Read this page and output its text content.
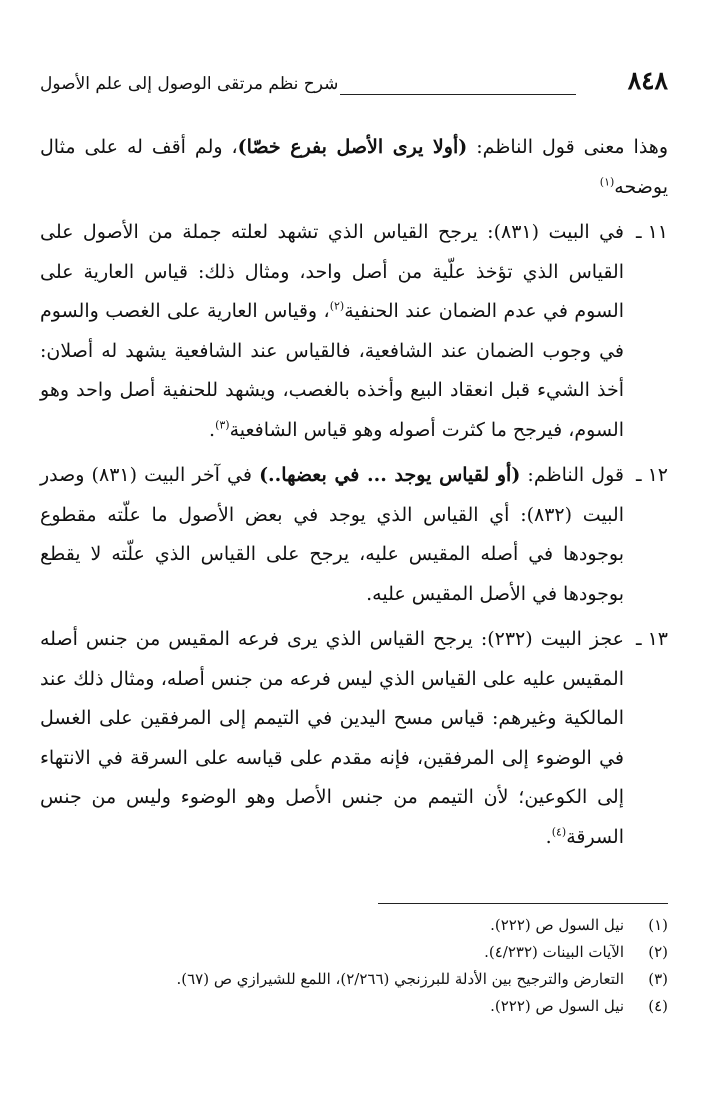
٨٤٨
شرح نظم مرتقى الوصول إلى علم الأصول

وهذا معنى قول الناظم: (أولا يرى الأصل بفرع خصّا)، ولم أقف له على مثال يوضحه$^{(١)}$

١١ ـ
في البيت (٨٣١): يرجح القياس الذي تشهد لعلته جملة من الأصول على القياس الذي تؤخذ علّية من أصل واحد، ومثال ذلك: قياس العارية على السوم في عدم الضمان عند الحنفية$^{(٢)}$، وقياس العارية على الغصب والسوم في وجوب الضمان عند الشافعية، فالقياس عند الشافعية يشهد له أصلان: أخذ الشيء قبل انعقاد البيع وأخذه بالغصب، ويشهد للحنفية أصل واحد وهو السوم، فيرجح ما كثرت أصوله وهو قياس الشافعية$^{(٣)}$.
١٢ ـ
قول الناظم: (أو لقياس يوجد ... في بعضها..) في آخر البيت (٨٣١) وصدر البيت (٨٣٢): أي القياس الذي يوجد في بعض الأصول ما علّته مقطوع بوجودها في أصله المقيس عليه، يرجح على القياس الذي علّته لا يقطع بوجودها في الأصل المقيس عليه.
١٣ ـ
عجز البيت (٢٣٢): يرجح القياس الذي يرى فرعه المقيس من جنس أصله المقيس عليه على القياس الذي ليس فرعه من جنس أصله، ومثال ذلك عند المالكية وغيرهم: قياس مسح اليدين في التيمم إلى المرفقين على الغسل في الوضوء إلى المرفقين، فإنه مقدم على قياسه على السرقة في الانتهاء إلى الكوعين؛ لأن التيمم من جنس الأصل وهو الوضوء وليس من جنس السرقة$^{(٤)}$.
(١)
نيل السول ص (٢٢٢).
(٢)
الآيات البينات (٤/٢٣٢).
(٣)
التعارض والترجيح بين الأدلة للبرزنجي (٢/٢٦٦)، اللمع للشيرازي ص (٦٧).
(٤)
نيل السول ص (٢٢٢).
